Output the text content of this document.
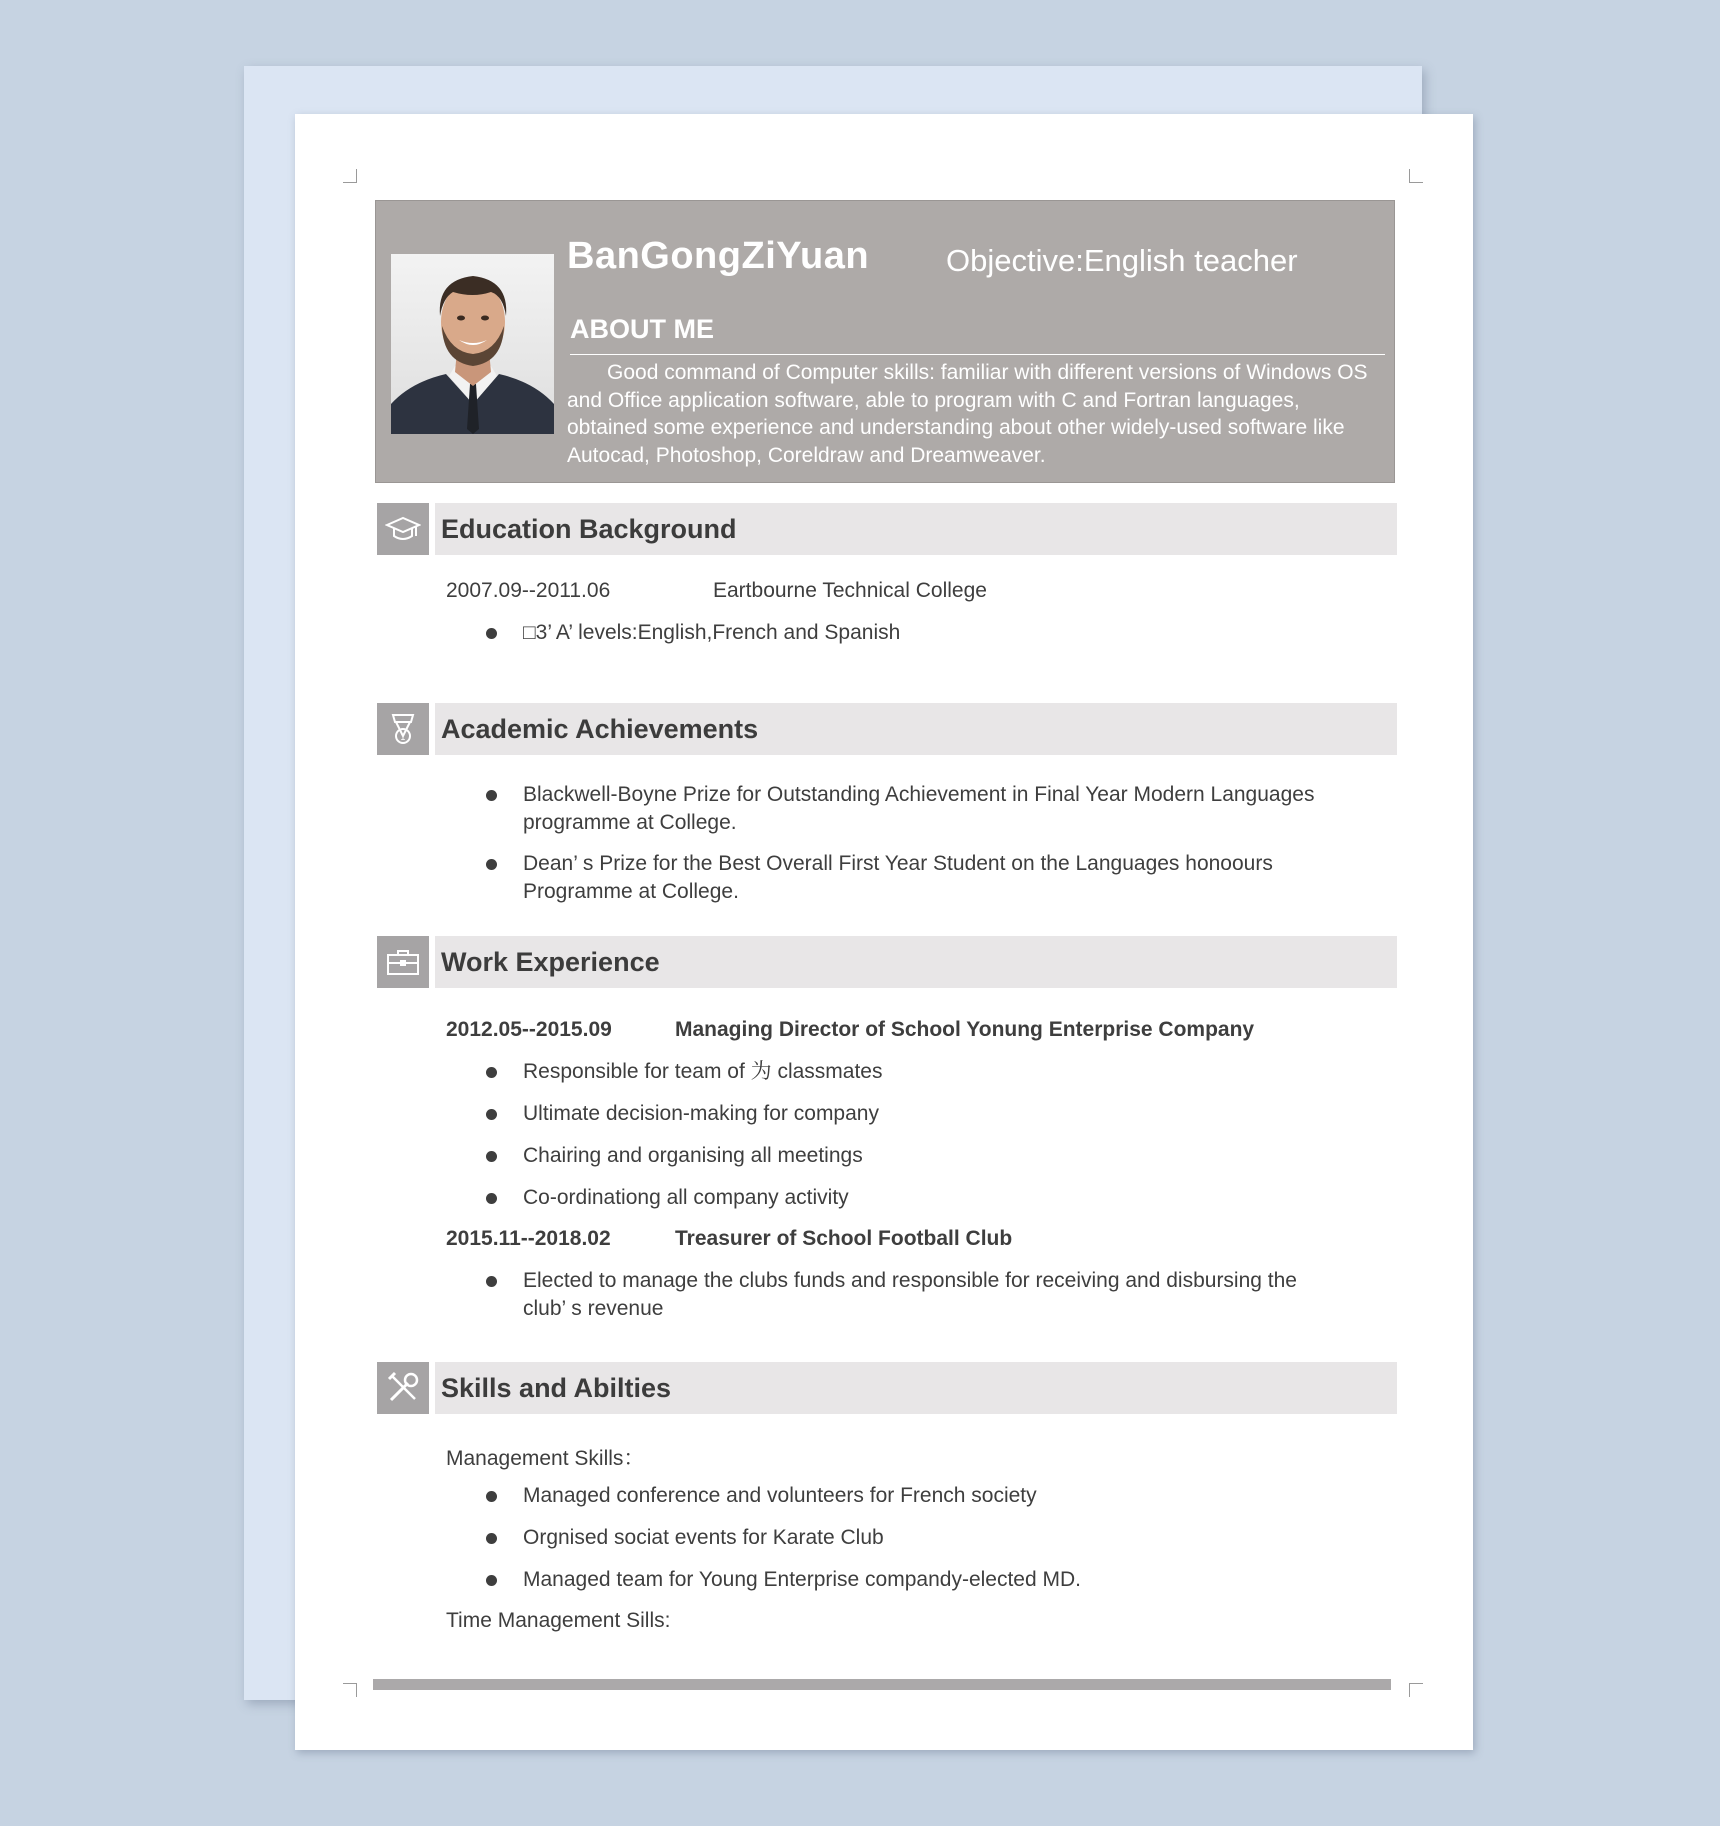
BanGongZiYuan Objective:English teacher
ABOUT ME
Good command of Computer skills: familiar with different versions of Windows OS and Office application software, able to program with C and Fortran languages, obtained some experience and understanding about other widely-used software like Autocad, Photoshop, Coreldraw and Dreamweaver.
Education Background
2007.09--2011.06	Eartbourne Technical College
□3’ A’ levels:English,French and Spanish
1 Academic Achievements
Blackwell-Boyne Prize for Outstanding Achievement in Final Year Modern Languages programme at College.
Dean’ s Prize for the Best Overall First Year Student on the Languages honoours Programme at College.
Work Experience
2012.05--2015.09	Managing Director of School Yonung Enterprise Company
Responsible for team of 为 classmates
Ultimate decision-making for company
Chairing and organising all meetings
Co-ordinationg all company activity
2015.11--2018.02	Treasurer of School Football Club
Elected to manage the clubs funds and responsible for receiving and disbursing the club’ s revenue
Skills and Abilties
Management Skills：
Managed conference and volunteers for French society
Orgnised sociat events for Karate Club
Managed team for Young Enterprise compandy-elected MD.
Time Management Sills:
